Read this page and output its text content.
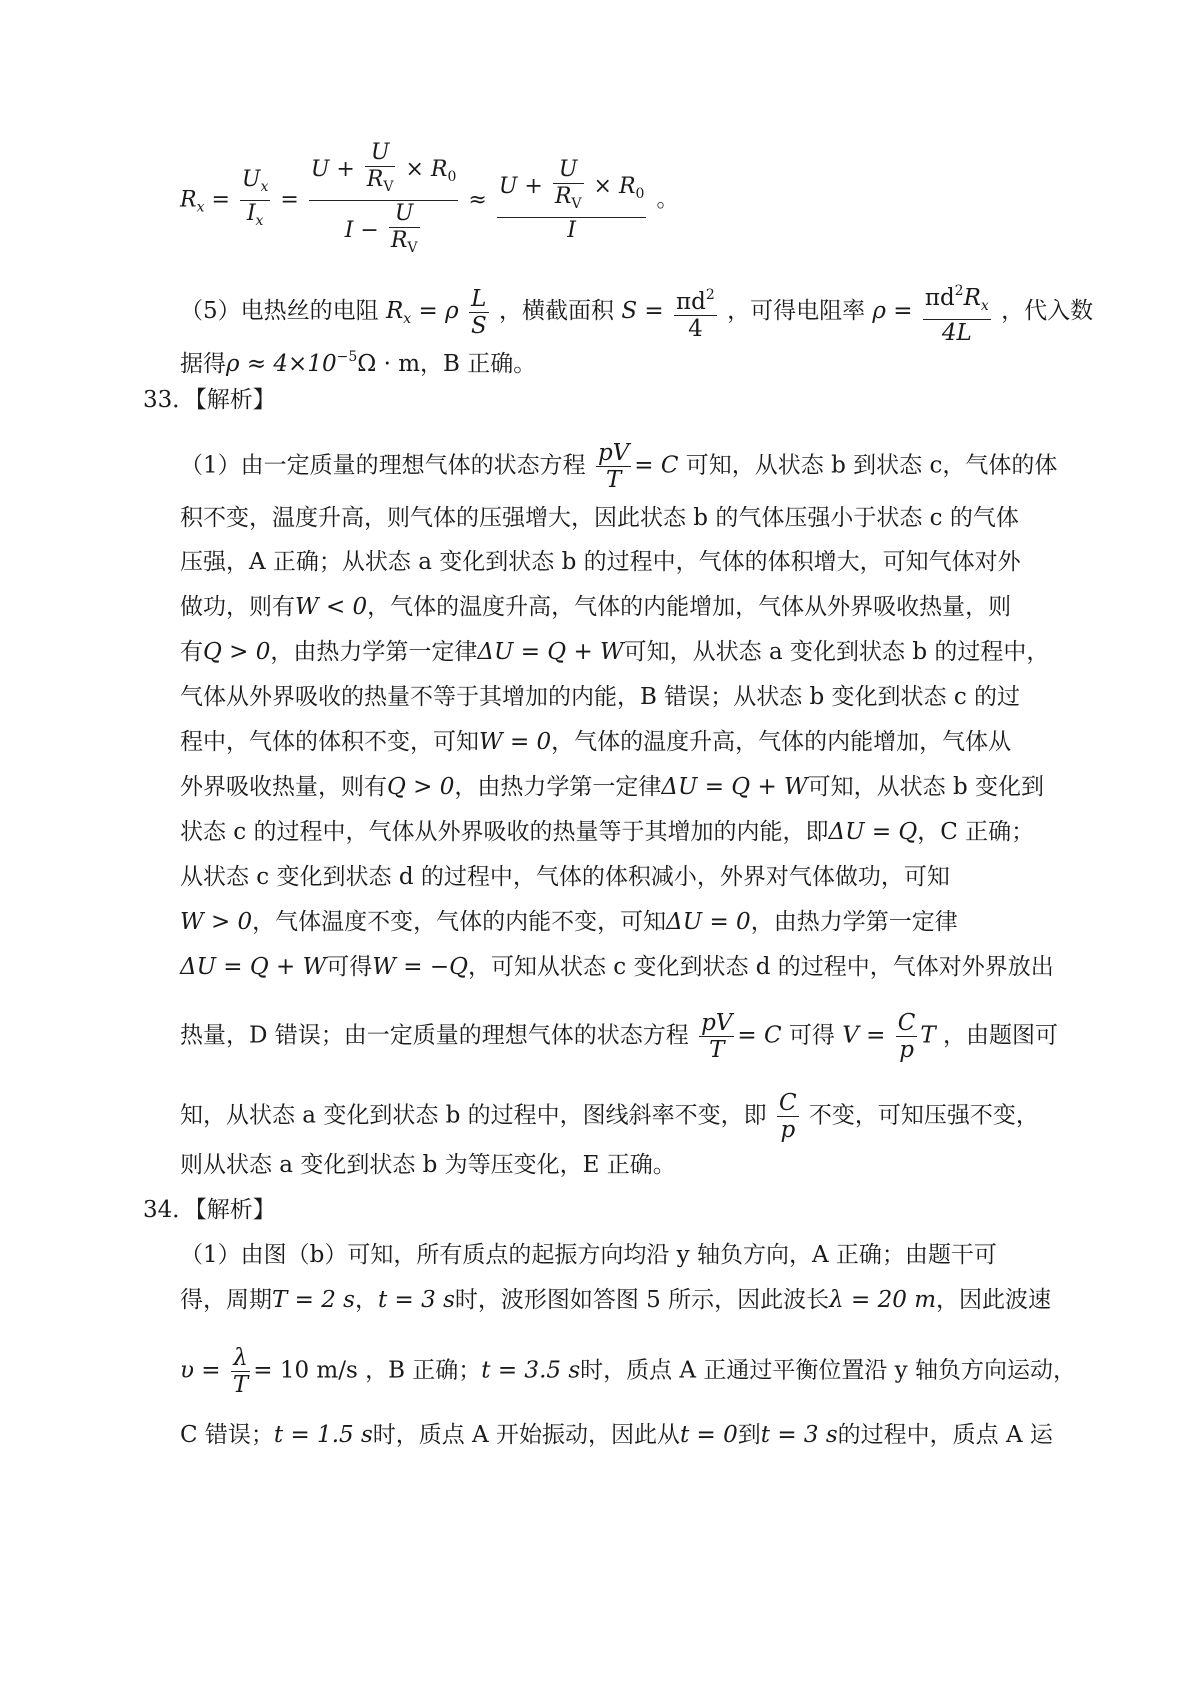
$R_x = \frac{U_x}{I_x} = \frac{U + \frac{U}{R_V} \times R_0}{I - \frac{U}{R_V}} \approx \frac{U + \frac{U}{R_V} \times R_0}{I}$ 。
（5）电热丝的电阻 $R_x = \rho \frac{L}{S}$ ，横截面积 $S = \frac{\pi d^2}{4}$ ，可得电阻率 $\rho = \frac{\pi d^2R_x}{4L}$ ，代入数
据得$\rho \approx 4\times 10^{-5}\Omega \cdot m$，B 正确。
33．【解析】
（1）由一定质量的理想气体的状态方程 $\frac{pV}{T} = C$ 可知，从状态 b 到状态 c，气体的体
积不变，温度升高，则气体的压强增大，因此状态 b 的气体压强小于状态 c 的气体
压强，A 正确；从状态 a 变化到状态 b 的过程中，气体的体积增大，可知气体对外
做功，则有W < 0，气体的温度升高，气体的内能增加，气体从外界吸收热量，则
有Q > 0，由热力学第一定律ΔU = Q + W可知，从状态 a 变化到状态 b 的过程中，
气体从外界吸收的热量不等于其增加的内能，B 错误；从状态 b 变化到状态 c 的过
程中，气体的体积不变，可知W = 0，气体的温度升高，气体的内能增加，气体从
外界吸收热量，则有Q > 0，由热力学第一定律ΔU = Q + W可知，从状态 b 变化到
状态 c 的过程中，气体从外界吸收的热量等于其增加的内能，即ΔU = Q，C 正确；
从状态 c 变化到状态 d 的过程中，气体的体积减小，外界对气体做功，可知
W > 0，气体温度不变，气体的内能不变，可知ΔU = 0，由热力学第一定律
ΔU = Q + W可得W = −Q，可知从状态 c 变化到状态 d 的过程中，气体对外界放出
热量，D 错误；由一定质量的理想气体的状态方程 $\frac{pV}{T} = C$ 可得 $V = \frac{C}{p}$ T ，由题图可
知，从状态 a 变化到状态 b 的过程中，图线斜率不变，即 $\frac{C}{p}$ 不变，可知压强不变，
则从状态 a 变化到状态 b 为等压变化，E 正确。
34．【解析】
（1）由图（b）可知，所有质点的起振方向均沿 y 轴负方向，A 正确；由题干可
得，周期T = 2 s，t = 3 s时，波形图如答图 5 所示，因此波长λ = 20 m，因此波速
$\upsilon = \frac{\lambda}{T} = 10$ m/s ，B 正确；t = 3.5 s时，质点 A 正通过平衡位置沿 y 轴负方向运动，
C 错误；t = 1.5 s时，质点 A 开始振动，因此从t = 0到t = 3 s的过程中，质点 A 运
